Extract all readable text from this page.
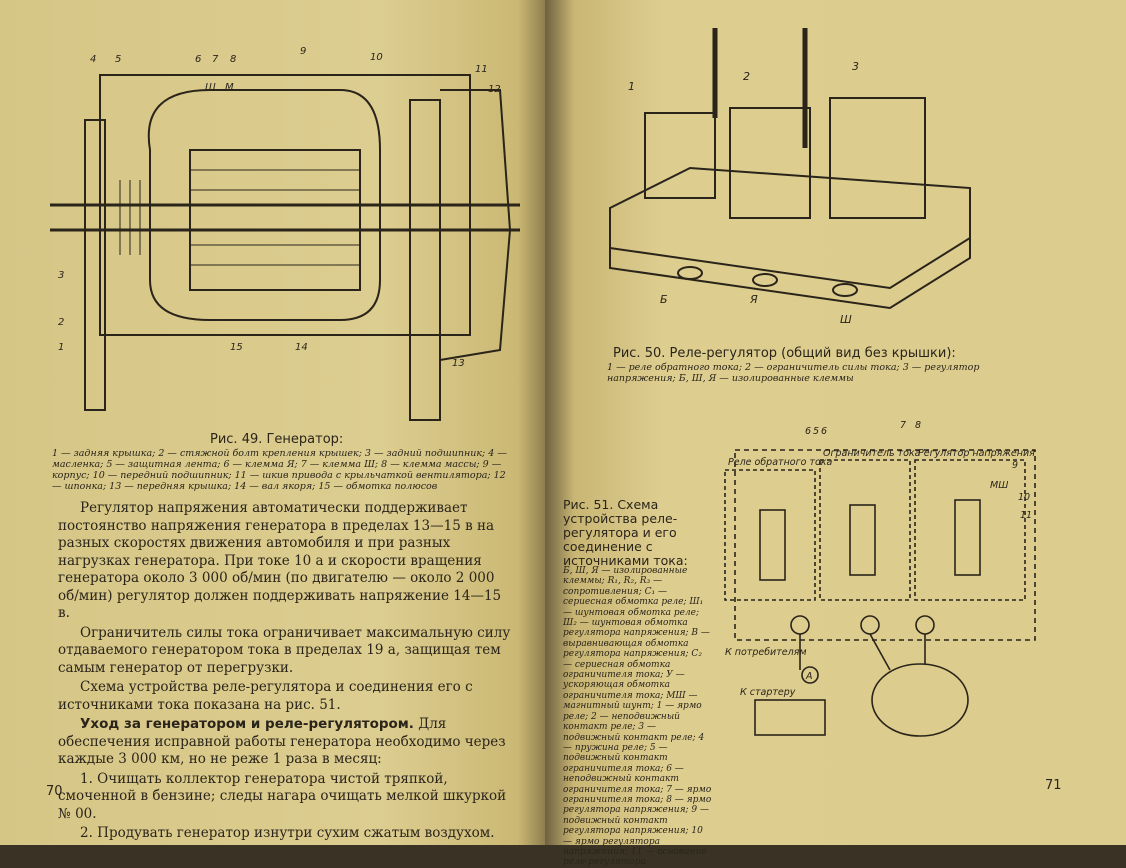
4 5	6 7 8
9
10
11
12
3
2
1	15	14
13
Ш М
Рис. 49. Генератор:
1 — задняя крышка; 2 — стяжной болт крепления крышек; 3 — задний подшипник; 4 — масленка; 5 — защитная лента; 6 — клемма Я; 7 — клемма Ш; 8 — клемма массы; 9 — корпус; 10 — передний подшипник; 11 — шкив привода с крыльчаткой вентилятора; 12 — шпонка; 13 — передняя крышка; 14 — вал якоря; 15 — обмотка полюсов

Регулятор напряжения автоматически поддерживает постоянство напряжения генератора в пределах 13—15 в на разных скоростях движения автомобиля и при разных нагрузках генератора. При токе 10 а и скорости вращения генератора около 3 000 об/мин (по двигателю — около 2 000 об/мин) регулятор должен поддерживать напряжение 14—15 в.

Ограничитель силы тока ограничивает максимальную силу отдаваемого генератором тока в пределах 19 а, защищая тем самым генератор от перегрузки.

Схема устройства реле-регулятора и соединения его с источниками тока показана на рис. 51.

Уход за генератором и реле-регулятором. Для обеспечения исправной работы генератора необходимо через каждые 3 000 км, но не реже 1 раза в месяц:

1. Очищать коллектор генератора чистой тряпкой, смоченной в бензине; следы нагара очищать мелкой шкуркой № 00.

2. Продувать генератор изнутри сухим сжатым воздухом.

70
1
2
3
Б	Я
Ш
Рис. 50. Реле-регулятор (общий вид без крышки):
1 — реле обратного тока; 2 — ограничитель силы тока; 3 — регулятор напряжения; Б, Ш, Я — изолированные клеммы
Реле обратного тока
Ограничитель тока
Регулятор напряжения
6 5 6
7 8
9
10
11
МШ
К потребителям
К стартеру
A
Рис. 51. Схема устройства реле-регулятора и его соединение с источниками тока:
Б, Ш, Я — изолированные клеммы; R₁, R₂, R₃ — сопротивления; C₁ — сериесная обмотка реле; Ш₁ — шунтовая обмотка реле; Ш₂ — шунтовая обмотка регулятора напряжения; В — выравнивающая обмотка регулятора напряжения; C₂ — сериесная обмотка ограничителя тока; У — ускоряющая обмотка ограничителя тока; МШ — магнитный шунт; 1 — ярмо реле; 2 — неподвижный контакт реле; 3 — подвижный контакт реле; 4 — пружина реле; 5 — подвижный контакт ограничителя тока; 6 — неподвижный контакт ограничителя тока; 7 — ярмо ограничителя тока; 8 — ярмо регулятора напряжения; 9 — подвижный контакт регулятора напряжения; 10 — ярмо регулятора напряжения; 11 — основание реле-регулятора
71
